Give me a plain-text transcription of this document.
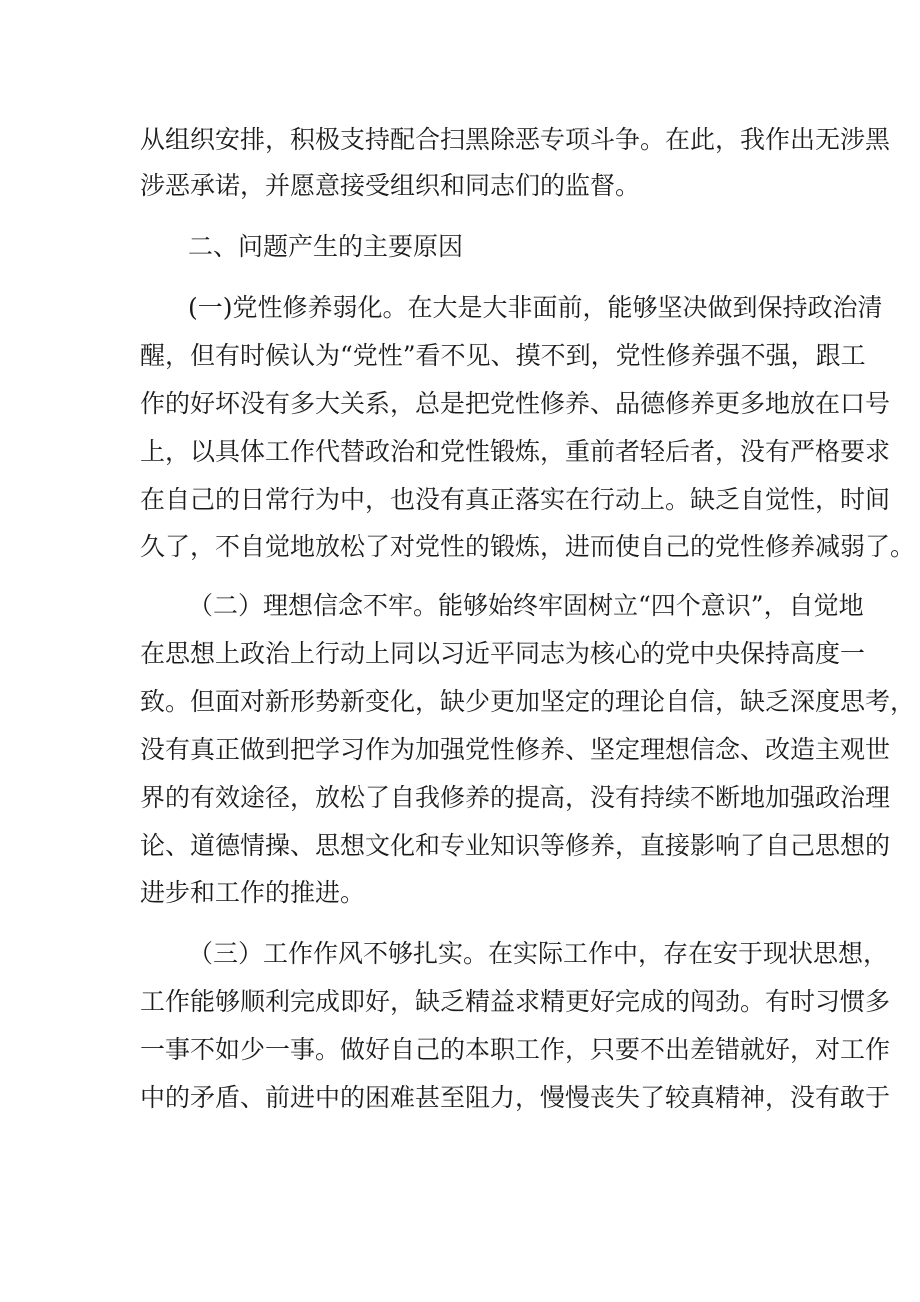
从组织安排，积极支持配合扫黑除恶专项斗争。在此，我作出无涉黑
涉恶承诺，并愿意接受组织和同志们的监督。
二、问题产生的主要原因
(一)党性修养弱化。在大是大非面前，能够坚决做到保持政治清
醒，但有时候认为“党性”看不见、摸不到，党性修养强不强，跟工
作的好坏没有多大关系，总是把党性修养、品德修养更多地放在口号
上，以具体工作代替政治和党性锻炼，重前者轻后者，没有严格要求
在自己的日常行为中，也没有真正落实在行动上。缺乏自觉性，时间
久了，不自觉地放松了对党性的锻炼，进而使自己的党性修养减弱了。
（二）理想信念不牢。能够始终牢固树立“四个意识”，自觉地
在思想上政治上行动上同以习近平同志为核心的党中央保持高度一
致。但面对新形势新变化，缺少更加坚定的理论自信，缺乏深度思考，
没有真正做到把学习作为加强党性修养、坚定理想信念、改造主观世
界的有效途径，放松了自我修养的提高，没有持续不断地加强政治理
论、道德情操、思想文化和专业知识等修养，直接影响了自己思想的
进步和工作的推进。
（三）工作作风不够扎实。在实际工作中，存在安于现状思想，
工作能够顺利完成即好，缺乏精益求精更好完成的闯劲。有时习惯多
一事不如少一事。做好自己的本职工作，只要不出差错就好，对工作
中的矛盾、前进中的困难甚至阻力，慢慢丧失了较真精神，没有敢于
